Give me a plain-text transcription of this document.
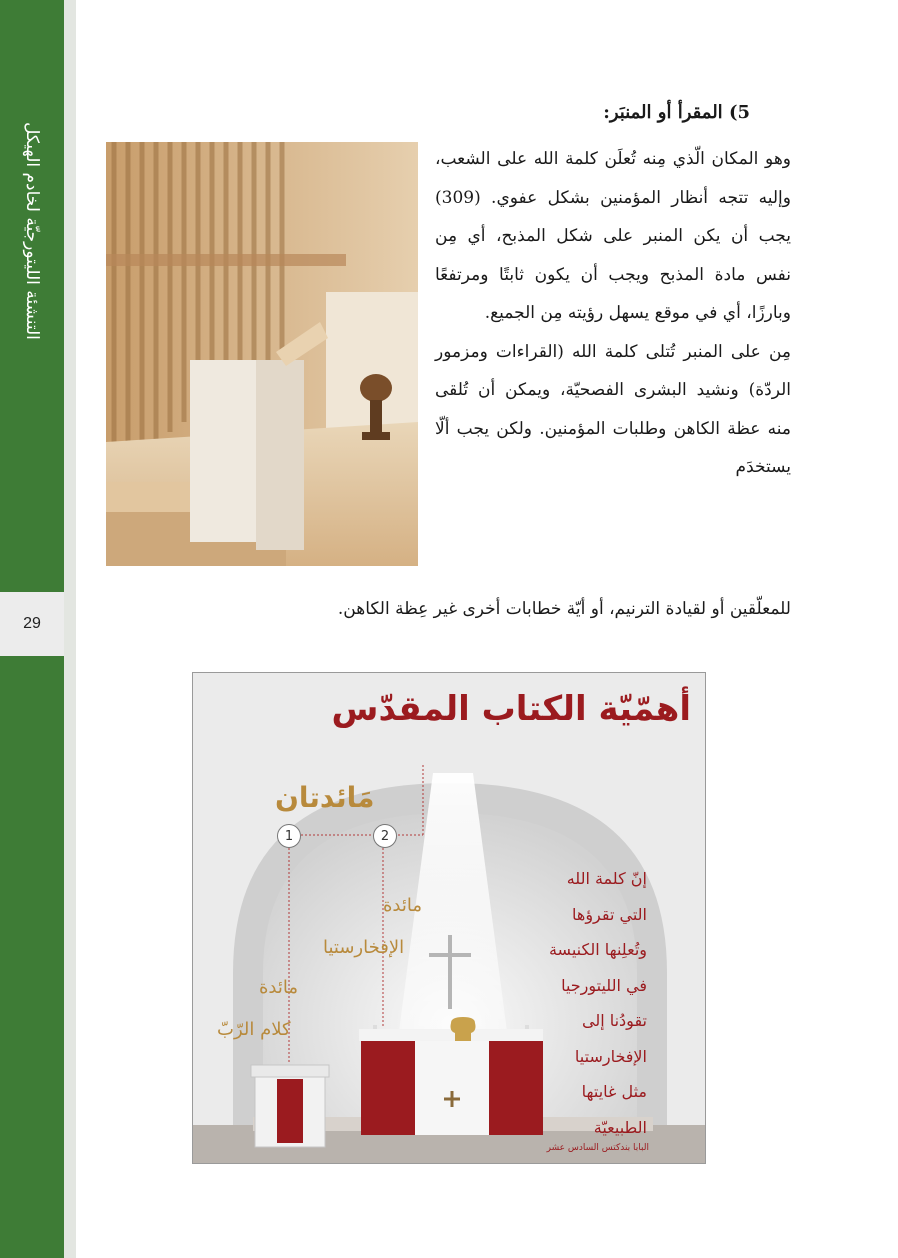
التنشئة الليتورجيّة لخادم الهيكل
29
5) المقرأ أو المنبَر:

وهو المكان الّذي مِنه تُعلَن كلمة الله على الشعب، وإليه تتجه أنظار المؤمنين بشكل عفوي. (309) يجب أن يكن المنبر على شكل المذبح، أي مِن نفس مادة المذبح ويجب أن يكون ثابتًا ومرتفعًا وبارزًا، أي في موقع يسهل رؤيته مِن الجميع.

مِن على المنبر تُتلى كلمة الله (القراءات ومزمور الردّة) ونشيد البشرى الفصحيّة، ويمكن أن تُلقى منه عظة الكاهن وطلبات المؤمنين. ولكن يجب ألّا يستخدَم

للمعلّقين أو لقيادة الترنيم، أو أيّة خطابات أخرى غير عِظة الكاهن.
أهمّيّة الكتاب المقدّس
مَائدتان
1	2
مائدة
الإفخارستيا
مائدة
كلام الرّبّ
إنّ كلمة الله
التي تقرؤها
وتُعلِنها الكنيسة
في الليتورجيا
تقودُنا إلى
الإفخارستيا
مثل غايتها
الطبيعيّة
البابا بندكتس السادس عشر
